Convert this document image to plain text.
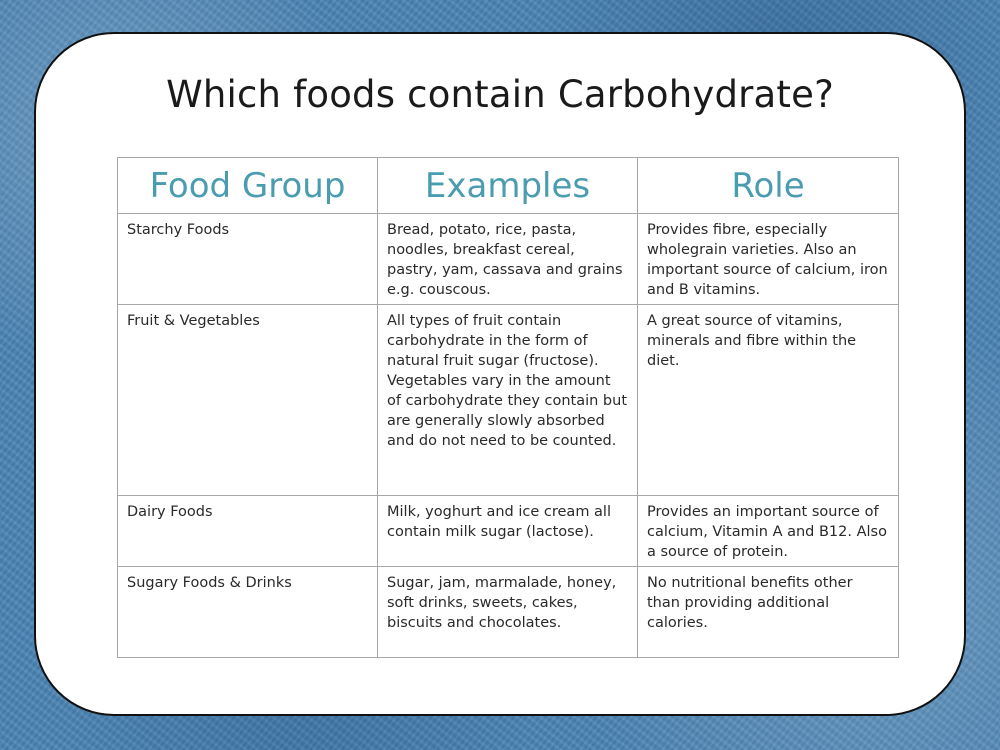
Which foods contain Carbohydrate?
Food Group	Examples	Role
Starchy Foods	Bread, potato, rice, pasta, noodles, breakfast cereal, pastry, yam, cassava and grains e.g. couscous.	Provides fibre, especially wholegrain varieties. Also an important source of calcium, iron and B vitamins.
Fruit & Vegetables	All types of fruit contain carbohydrate in the form of natural fruit sugar (fructose). Vegetables vary in the amount of carbohydrate they contain but are generally slowly absorbed and do not need to be counted.	A great source of vitamins, minerals and fibre within the diet.
Dairy Foods	Milk, yoghurt and ice cream all contain milk sugar (lactose).	Provides an important source of calcium, Vitamin A and B12. Also a source of protein.
Sugary Foods & Drinks	Sugar, jam, marmalade, honey, soft drinks, sweets, cakes, biscuits and chocolates.	No nutritional benefits other than providing additional calories.
